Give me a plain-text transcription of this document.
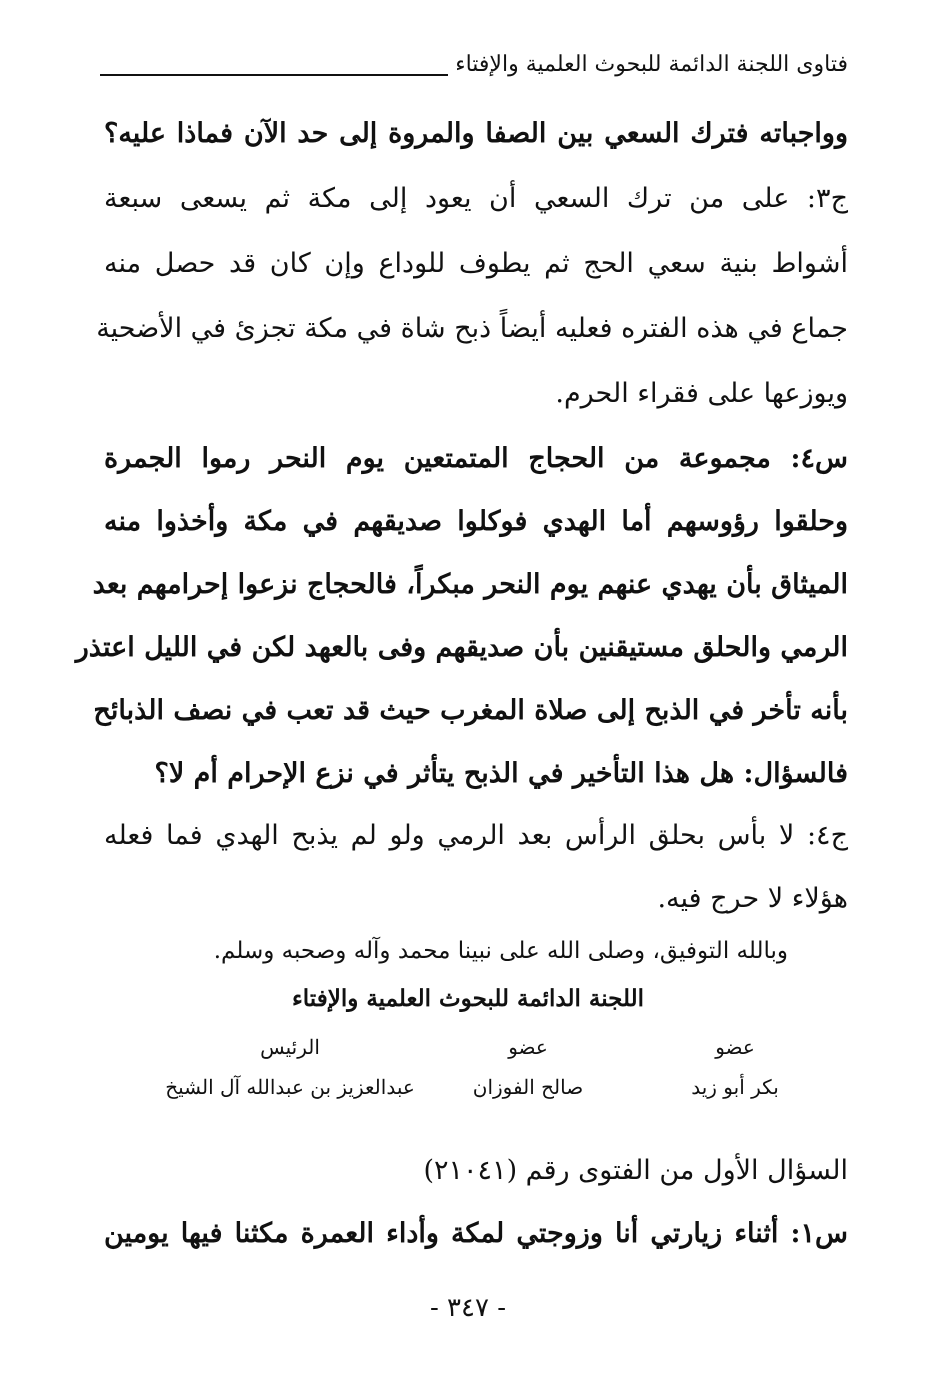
فتاوى اللجنة الدائمة للبحوث العلمية والإفتاء
وواجباته فترك السعي بين الصفا والمروة إلى حد الآن فماذا عليه؟
ج٣: على من ترك السعي أن يعود إلى مكة ثم يسعى سبعة
أشواط بنية سعي الحج ثم يطوف للوداع وإن كان قد حصل منه
جماع في هذه الفتره فعليه أيضاً ذبح شاة في مكة تجزئ في الأضحية
ويوزعها على فقراء الحرم.
س٤: مجموعة من الحجاج المتمتعين يوم النحر رموا الجمرة
وحلقوا رؤوسهم أما الهدي فوكلوا صديقهم في مكة وأخذوا منه
الميثاق بأن يهدي عنهم يوم النحر مبكراً، فالحجاج نزعوا إحرامهم بعد
الرمي والحلق مستيقنين بأن صديقهم وفى بالعهد لكن في الليل اعتذر
بأنه تأخر في الذبح إلى صلاة المغرب حيث قد تعب في نصف الذبائح
فالسؤال: هل هذا التأخير في الذبح يتأثر في نزع الإحرام أم لا؟
ج٤: لا بأس بحلق الرأس بعد الرمي ولو لم يذبح الهدي فما فعله
هؤلاء لا حرج فيه.
وبالله التوفيق، وصلى الله على نبينا محمد وآله وصحبه وسلم.
اللجنة الدائمة للبحوث العلمية والإفتاء
الرئيس	عضو	عضو
عبدالعزيز بن عبدالله آل الشيخ	صالح الفوزان	بكر أبو زيد
السؤال الأول من الفتوى رقم (٢١٠٤١)
س١: أثناء زيارتي أنا وزوجتي لمكة وأداء العمرة مكثنا فيها يومين
- ٣٤٧ -
